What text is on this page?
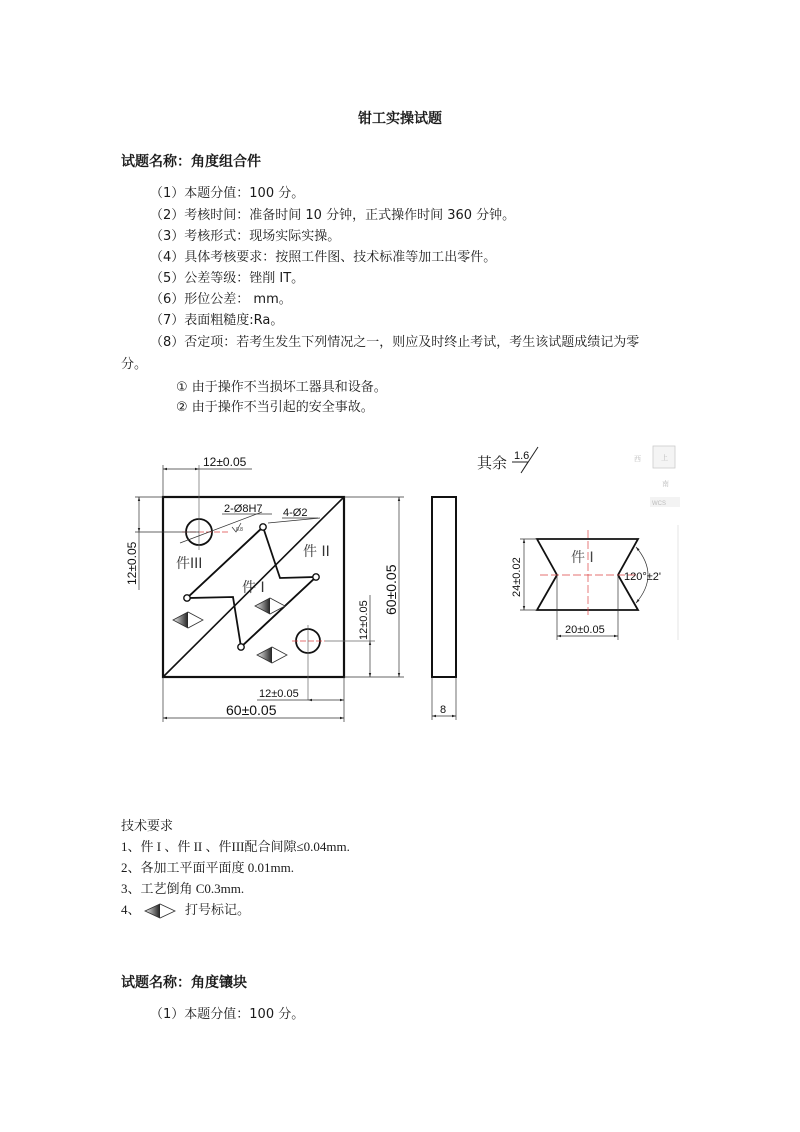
钳工实操试题
试题名称：角度组合件
（1）本题分值：100 分。
（2）考核时间：准备时间 10 分钟，正式操作时间 360 分钟。
（3）考核形式：现场实际实操。
（4）具体考核要求：按照工件图、技术标准等加工出零件。
（5）公差等级：锉削 IT。
（6）形位公差： mm。
（7）表面粗糙度:Ra。
（8）否定项：若考生发生下列情况之一，则应及时终止考试，考生该试题成绩记为零
分。
① 由于操作不当损坏工器具和设备。
② 由于操作不当引起的安全事故。
2-Ø8H7 4-Ø2
0.8
件III
件 II
件 I
12±0.05
12±0.05
60±0.05
12±0.05
12±0.05
60±0.05	8
其余 1.6	西	上
南
WCS
件 I
24±0.02
20±0.05
120°±2'
技术要求
1、件 I 、件 II 、件III配合间隙≤0.04mm.
2、各加工平面平面度 0.01mm.
3、工艺倒角 C0.3mm.
4、	打号标记。
试题名称：角度镶块
（1）本题分值：100 分。
